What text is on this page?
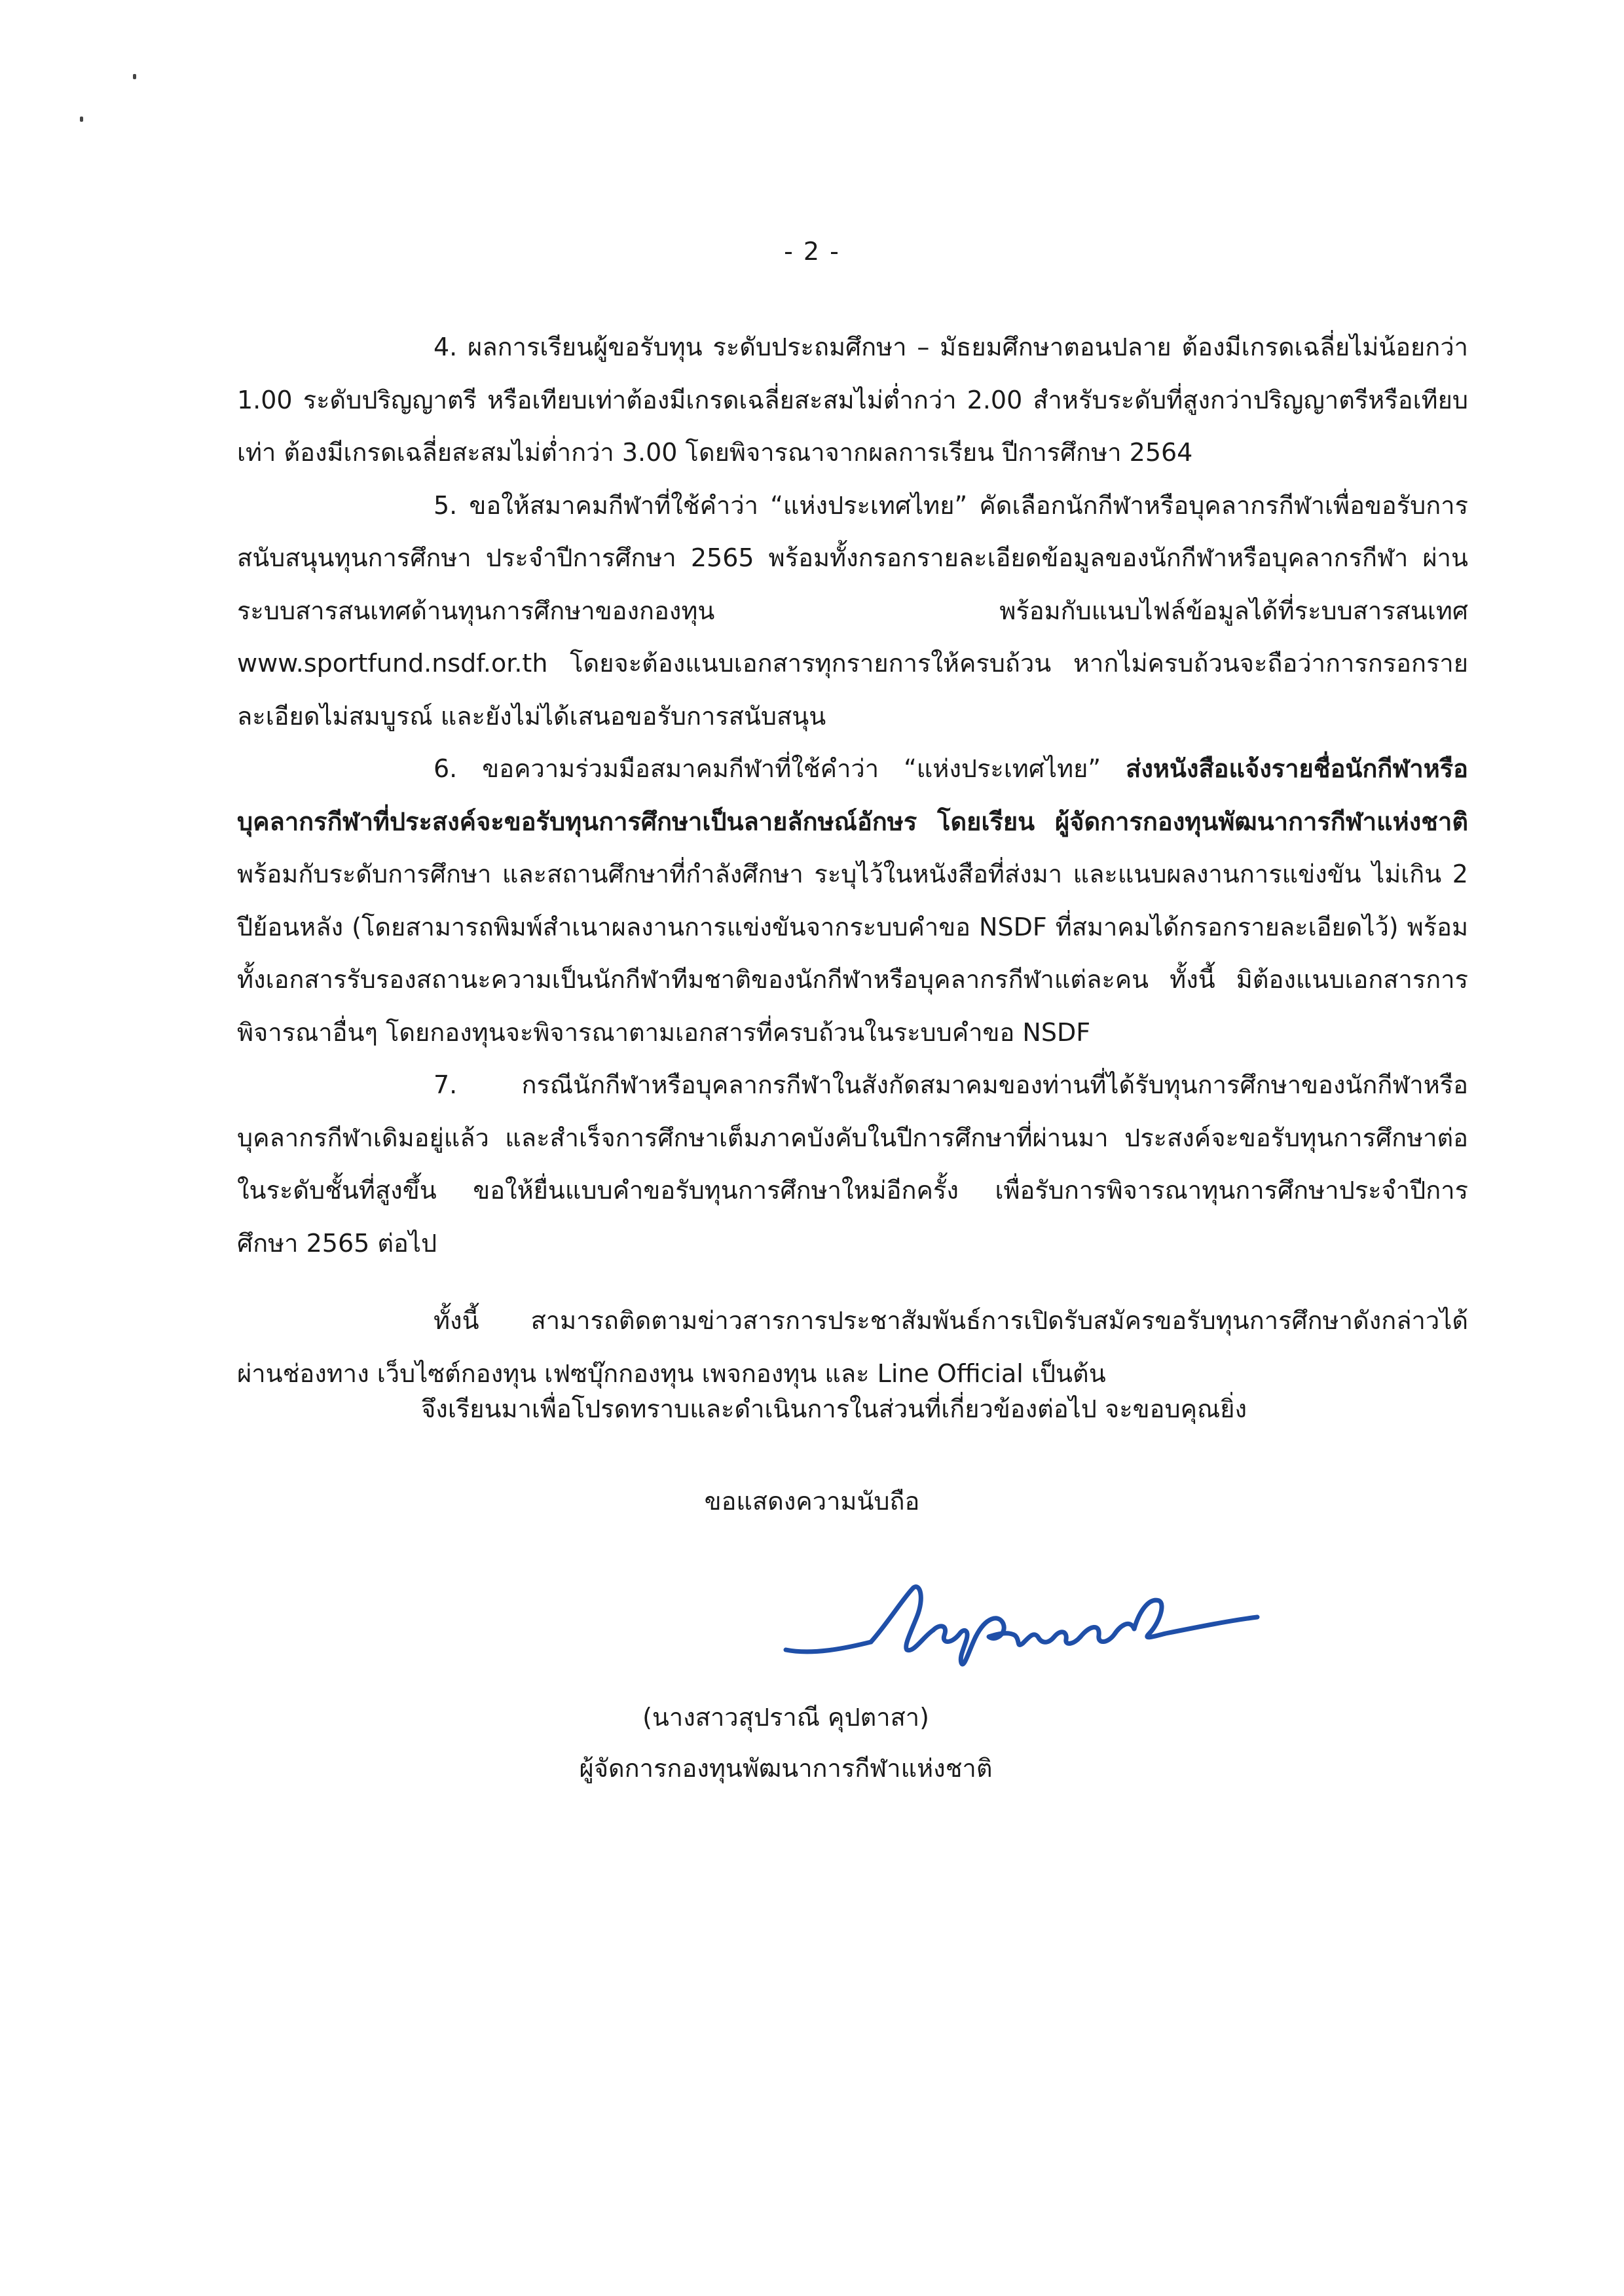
- 2 -

4. ผลการเรียนผู้ขอรับทุน ระดับประถมศึกษา – มัธยมศึกษาตอนปลาย ต้องมีเกรดเฉลี่ยไม่น้อยกว่า 1.00 ระดับปริญญาตรี หรือเทียบเท่าต้องมีเกรดเฉลี่ยสะสมไม่ต่ำกว่า 2.00 สำหรับระดับที่สูงกว่าปริญญาตรีหรือเทียบเท่า ต้องมีเกรดเฉลี่ยสะสมไม่ต่ำกว่า 3.00 โดยพิจารณาจากผลการเรียน ปีการศึกษา 2564

5. ขอให้สมาคมกีฬาที่ใช้คำว่า “แห่งประเทศไทย” คัดเลือกนักกีฬาหรือบุคลากรกีฬาเพื่อขอรับการสนับสนุนทุนการศึกษา ประจำปีการศึกษา 2565 พร้อมทั้งกรอกรายละเอียดข้อมูลของนักกีฬาหรือบุคลากรกีฬา ผ่านระบบสารสนเทศด้านทุนการศึกษาของกองทุน พร้อมกับแนบไฟล์ข้อมูลได้ที่ระบบสารสนเทศ www.sportfund.nsdf.or.th โดยจะต้องแนบเอกสารทุกรายการให้ครบถ้วน หากไม่ครบถ้วนจะถือว่าการกรอกรายละเอียดไม่สมบูรณ์ และยังไม่ได้เสนอขอรับการสนับสนุน

6. ขอความร่วมมือสมาคมกีฬาที่ใช้คำว่า “แห่งประเทศไทย” ส่งหนังสือแจ้งรายชื่อนักกีฬาหรือบุคลากรกีฬาที่ประสงค์จะขอรับทุนการศึกษาเป็นลายลักษณ์อักษร โดยเรียน ผู้จัดการกองทุนพัฒนาการกีฬาแห่งชาติพร้อมกับระดับการศึกษา และสถานศึกษาที่กำลังศึกษา ระบุไว้ในหนังสือที่ส่งมา และแนบผลงานการแข่งขัน ไม่เกิน 2 ปีย้อนหลัง (โดยสามารถพิมพ์สำเนาผลงานการแข่งขันจากระบบคำขอ NSDF ที่สมาคมได้กรอกรายละเอียดไว้) พร้อมทั้งเอกสารรับรองสถานะความเป็นนักกีฬาทีมชาติของนักกีฬาหรือบุคลากรกีฬาแต่ละคน ทั้งนี้ มิต้องแนบเอกสารการพิจารณาอื่นๆ โดยกองทุนจะพิจารณาตามเอกสารที่ครบถ้วนในระบบคำขอ NSDF

7. กรณีนักกีฬาหรือบุคลากรกีฬาในสังกัดสมาคมของท่านที่ได้รับทุนการศึกษาของนักกีฬาหรือบุคลากรกีฬาเดิมอยู่แล้ว และสำเร็จการศึกษาเต็มภาคบังคับในปีการศึกษาที่ผ่านมา ประสงค์จะขอรับทุนการศึกษาต่อในระดับชั้นที่สูงขึ้น ขอให้ยื่นแบบคำขอรับทุนการศึกษาใหม่อีกครั้ง เพื่อรับการพิจารณาทุนการศึกษาประจำปีการศึกษา 2565 ต่อไป

ทั้งนี้ สามารถติดตามข่าวสารการประชาสัมพันธ์การเปิดรับสมัครขอรับทุนการศึกษาดังกล่าวได้ผ่านช่องทาง เว็บไซต์กองทุน เฟซบุ๊กกองทุน เพจกองทุน และ Line Official เป็นต้น

จึงเรียนมาเพื่อโปรดทราบและดำเนินการในส่วนที่เกี่ยวข้องต่อไป จะขอบคุณยิ่ง
ขอแสดงความนับถือ
(นางสาวสุปราณี คุปตาสา)
ผู้จัดการกองทุนพัฒนาการกีฬาแห่งชาติ
